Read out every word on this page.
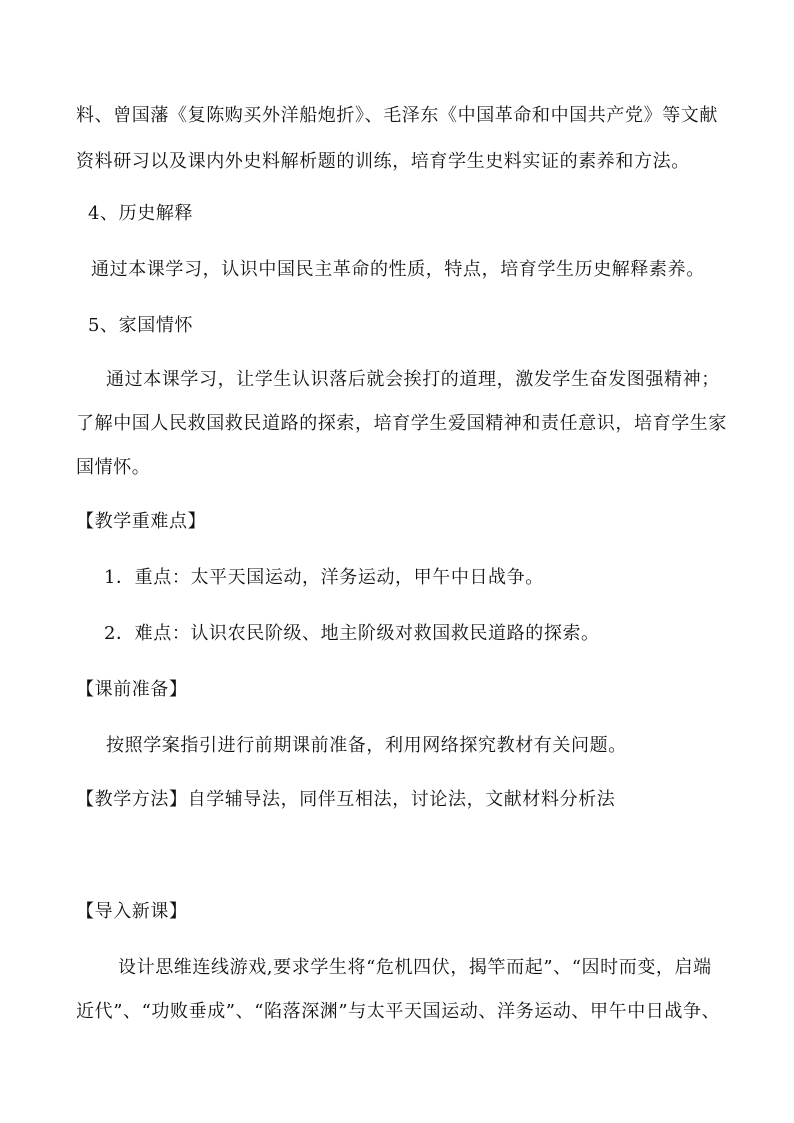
料、曾国藩《复陈购买外洋船炮折》、毛泽东《中国革命和中国共产党》等文献
资料研习以及课内外史料解析题的训练，培育学生史料实证的素养和方法。
4、历史解释
通过本课学习，认识中国民主革命的性质，特点，培育学生历史解释素养。
5、家国情怀
通过本课学习，让学生认识落后就会挨打的道理，激发学生奋发图强精神；
了解中国人民救国救民道路的探索，培育学生爱国精神和责任意识，培育学生家
国情怀。
【教学重难点】
1．重点：太平天国运动，洋务运动，甲午中日战争。
2．难点：认识农民阶级、地主阶级对救国救民道路的探索。
【课前准备】
按照学案指引进行前期课前准备，利用网络探究教材有关问题。
【教学方法】自学辅导法，同伴互相法，讨论法，文献材料分析法
【导入新课】
设计思维连线游戏,要求学生将“危机四伏，揭竿而起”、“因时而变，启端
近代”、“功败垂成”、“陷落深渊”与太平天国运动、洋务运动、甲午中日战争、
